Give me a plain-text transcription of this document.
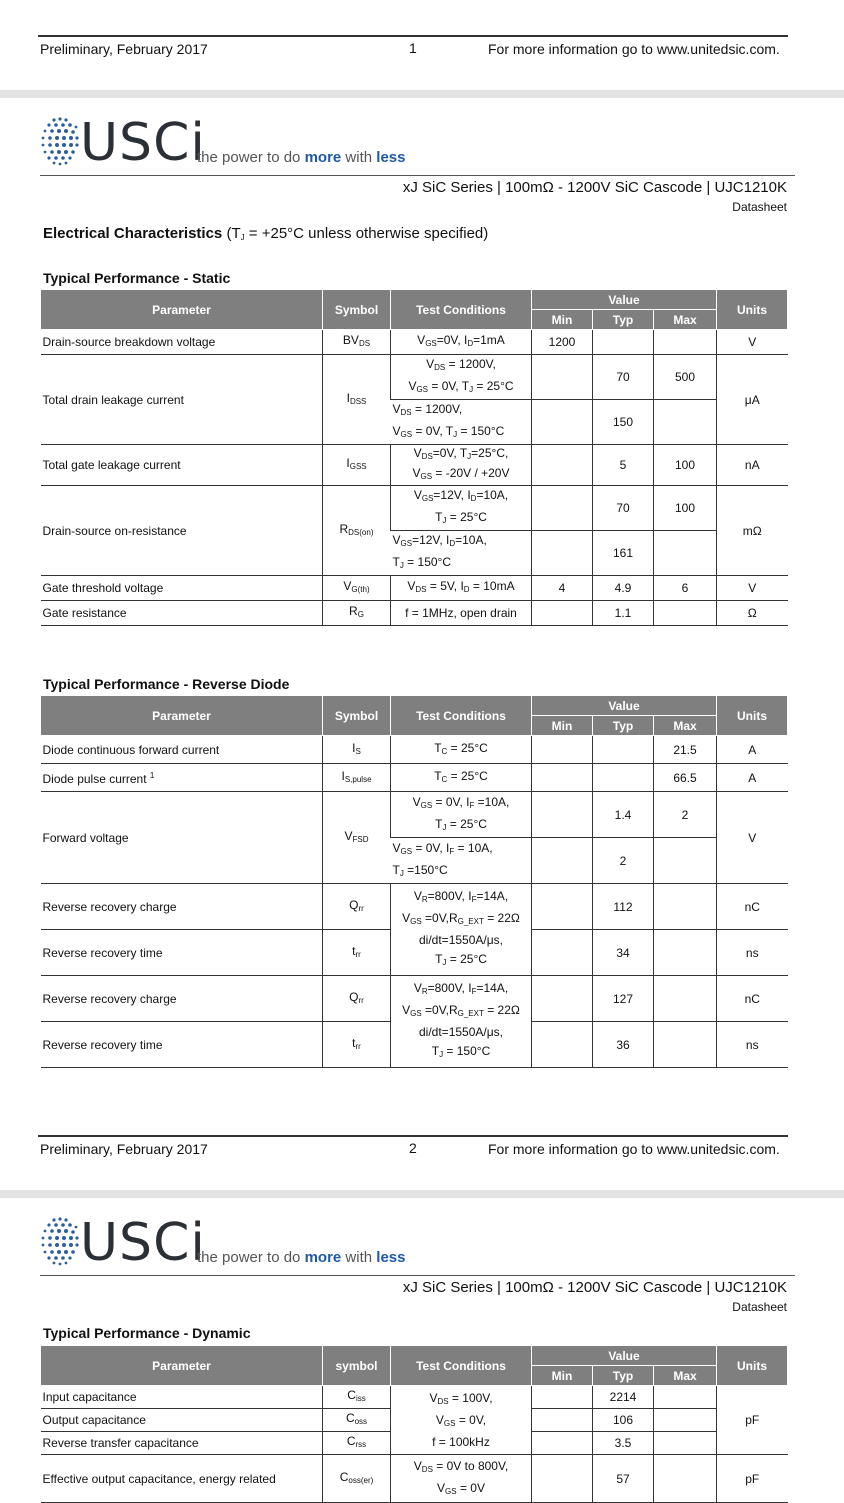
Preliminary, February 2017	1	For more information go to www.unitedsic.com.
USCi
the power to do more with less
xJ SiC Series | 100mΩ - 1200V SiC Cascode | UJC1210K
Datasheet
Electrical Characteristics ($T_J = +25^\circ C$ unless otherwise specified)
Typical Performance - Static
Parameter	Symbol	Test Conditions	Value			Units
			Min	Typ	Max	
Drain-source breakdown voltage	$BV_{DS}$	$V_{GS}=0V$, $I_D=1mA$	1200			V
Total drain leakage current	$I_{DSS}$	$V_{DS} = 1200V$,
$V_{GS} = 0V$, $T_J = 25^\circ C$		70	500	μA
		$V_{DS} = 1200V$,
$V_{GS} = 0V$, $T_J = 150^\circ C$		150		
Total gate leakage current	$I_{GSS}$	$V_{DS}=0V$, $T_J=25^\circ C$,
$V_{GS} = -20V / +20V$		5	100	nA
Drain-source on-resistance	$R_{DS(on)}$	$V_{GS}=12V$, $I_D=10A$,
$T_J = 25^\circ C$		70	100	mΩ
		$V_{GS}=12V$, $I_D=10A$,
$T_J = 150^\circ C$		161		
Gate threshold voltage	$V_{G(th)}$	$V_{DS} = 5V$, $I_D = 10mA$	4	4.9	6	V
Gate resistance	$R_G$	f = 1MHz, open drain		1.1		Ω
Typical Performance - Reverse Diode
Parameter	Symbol	Test Conditions	Value			Units
			Min	Typ	Max	
Diode continuous forward current	$I_S$	$T_C = 25^\circ C$			21.5	A
Diode pulse current $^1$	$I_{S,pulse}$	$T_C = 25^\circ C$			66.5	A
Forward voltage	$V_{FSD}$	$V_{GS} = 0V$, $I_F =10A$,
$T_J = 25^\circ C$		1.4	2	V
		$V_{GS} = 0V$, $I_F = 10A$,
$T_J =150^\circ C$		2		
Reverse recovery charge	$Q_{rr}$	$V_R=800V$, $I_F=14A$,
$V_{GS} =0V,R_{G\_EXT} = 22\Omega$
di/dt=1550A/μs,
$T_J = 25^\circ C$		112		nC
Reverse recovery time	$t_{rr}$			34		ns
Reverse recovery charge	$Q_{rr}$	$V_R=800V$, $I_F=14A$,
$V_{GS} =0V,R_{G\_EXT} = 22\Omega$
di/dt=1550A/μs,
$T_J = 150^\circ C$		127		nC
Reverse recovery time	$t_{rr}$			36		ns
Preliminary, February 2017	2	For more information go to www.unitedsic.com.
USCi
the power to do more with less
xJ SiC Series | 100mΩ - 1200V SiC Cascode | UJC1210K
Datasheet
Typical Performance - Dynamic
Parameter	symbol	Test Conditions	Value			Units
			Min	Typ	Max	
Input capacitance	$C_{iss}$	$V_{DS} = 100V$,
$V_{GS} = 0V$,
f = 100kHz		2214		pF
Output capacitance	$C_{oss}$			106		
Reverse transfer capacitance	$C_{rss}$			3.5		
Effective output capacitance, energy related	$C_{oss(er)}$	$V_{DS} = 0V$ to 800V,
$V_{GS} = 0V$		57		pF
